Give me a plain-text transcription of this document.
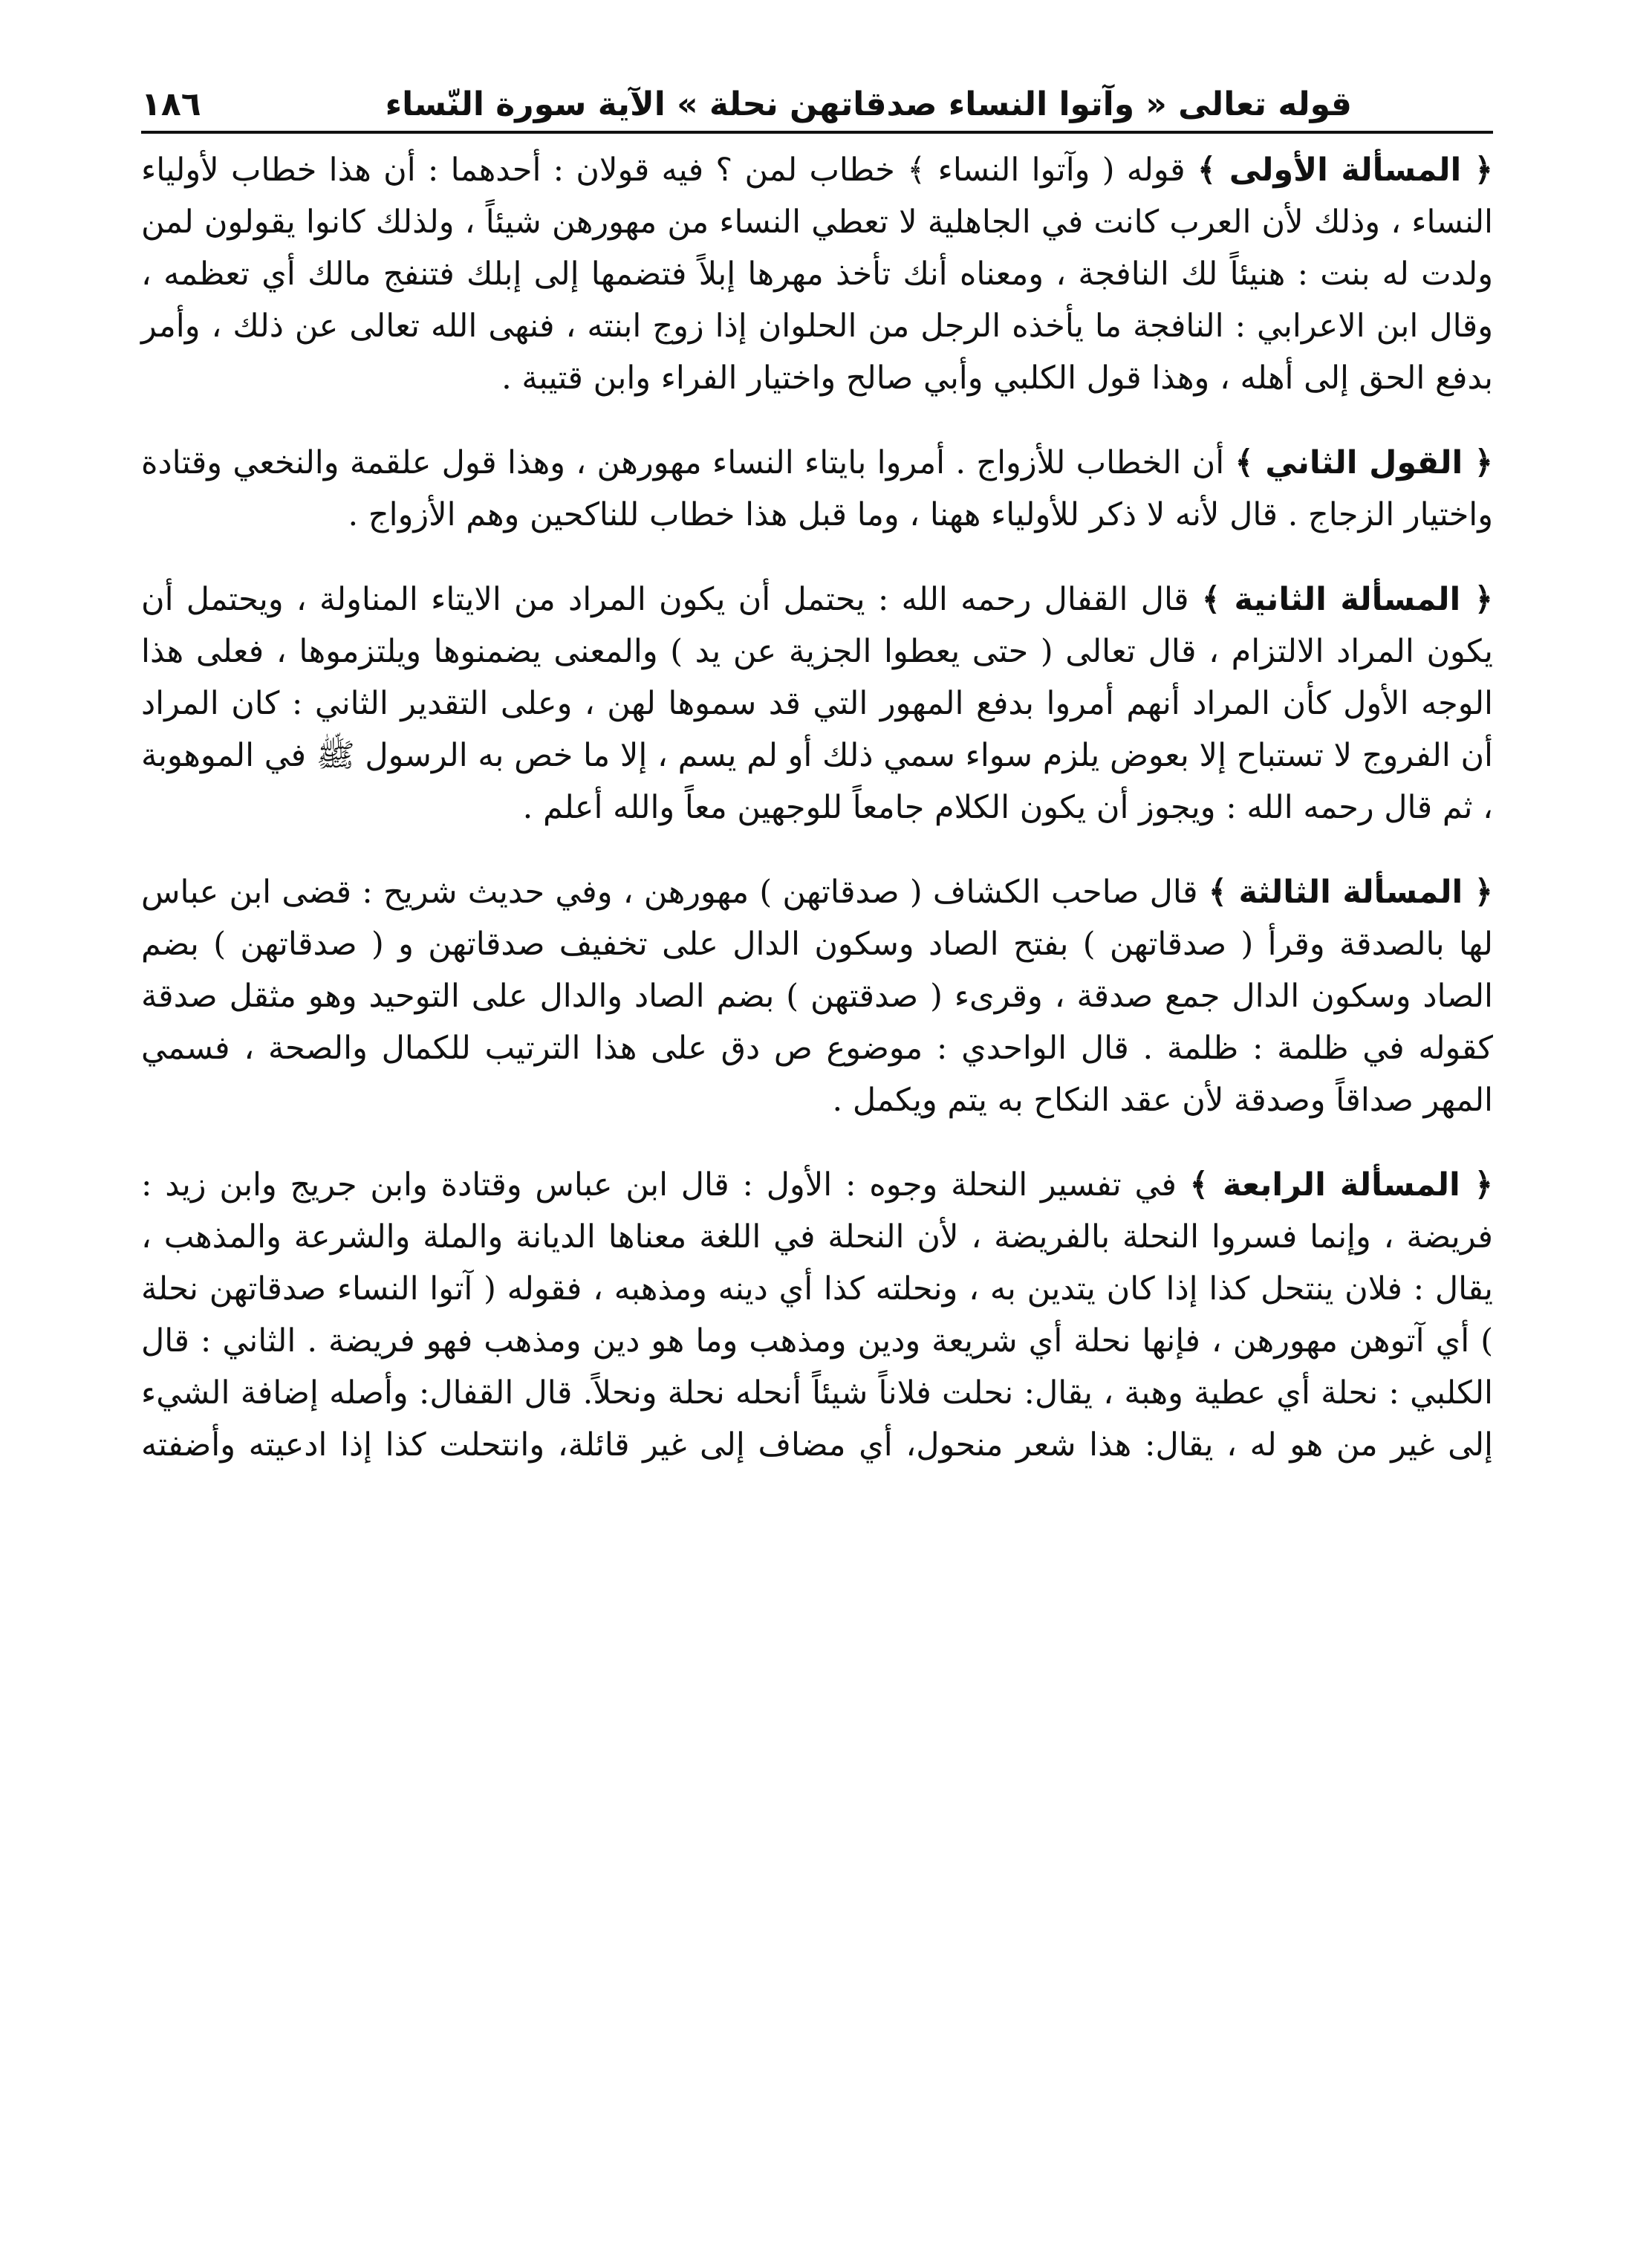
قوله تعالى « وآتوا النساء صدقاتهن نحلة » الآية سورة النّساء
١٨٦

﴿ المسألة الأولى ﴾ قوله ( وآتوا النساء ﴾ خطاب لمن ؟ فيه قولان : أحدهما : أن هذا خطاب لأولياء النساء ، وذلك لأن العرب كانت في الجاهلية لا تعطي النساء من مهورهن شيئاً ، ولذلك كانوا يقولون لمن ولدت له بنت : هنيئاً لك النافجة ، ومعناه أنك تأخذ مهرها إبلاً فتضمها إلى إبلك فتنفج مالك أي تعظمه ، وقال ابن الاعرابي : النافجة ما يأخذه الرجل من الحلوان إذا زوج ابنته ، فنهى الله تعالى عن ذلك ، وأمر بدفع الحق إلى أهله ، وهذا قول الكلبي وأبي صالح واختيار الفراء وابن قتيبة .

﴿ القول الثاني ﴾ أن الخطاب للأزواج . أمروا بايتاء النساء مهورهن ، وهذا قول علقمة والنخعي وقتادة واختيار الزجاج . قال لأنه لا ذكر للأولياء ههنا ، وما قبل هذا خطاب للناكحين وهم الأزواج .

﴿ المسألة الثانية ﴾ قال القفال رحمه الله : يحتمل أن يكون المراد من الايتاء المناولة ، ويحتمل أن يكون المراد الالتزام ، قال تعالى ( حتى يعطوا الجزية عن يد ) والمعنى يضمنوها ويلتزموها ، فعلى هذا الوجه الأول كأن المراد أنهم أمروا بدفع المهور التي قد سموها لهن ، وعلى التقدير الثاني : كان المراد أن الفروج لا تستباح إلا بعوض يلزم سواء سمي ذلك أو لم يسم ، إلا ما خص به الرسول ﷺ في الموهوبة ، ثم قال رحمه الله : ويجوز أن يكون الكلام جامعاً للوجهين معاً والله أعلم .

﴿ المسألة الثالثة ﴾ قال صاحب الكشاف ( صدقاتهن ) مهورهن ، وفي حديث شريح : قضى ابن عباس لها بالصدقة وقرأ ( صدقاتهن ) بفتح الصاد وسكون الدال على تخفيف صدقاتهن و ( صدقاتهن ) بضم الصاد وسكون الدال جمع صدقة ، وقرىء ( صدقتهن ) بضم الصاد والدال على التوحيد وهو مثقل صدقة كقوله في ظلمة : ظلمة . قال الواحدي : موضوع ص دق على هذا الترتيب للكمال والصحة ، فسمي المهر صداقاً وصدقة لأن عقد النكاح به يتم ويكمل .

﴿ المسألة الرابعة ﴾ في تفسير النحلة وجوه : الأول : قال ابن عباس وقتادة وابن جريج وابن زيد : فريضة ، وإنما فسروا النحلة بالفريضة ، لأن النحلة في اللغة معناها الديانة والملة والشرعة والمذهب ، يقال : فلان ينتحل كذا إذا كان يتدين به ، ونحلته كذا أي دينه ومذهبه ، فقوله ( آتوا النساء صدقاتهن نحلة ) أي آتوهن مهورهن ، فإنها نحلة أي شريعة ودين ومذهب وما هو دين ومذهب فهو فريضة . الثاني : قال الكلبي : نحلة أي عطية وهبة ، يقال: نحلت فلاناً شيئاً أنحله نحلة ونحلاً. قال القفال: وأصله إضافة الشيء إلى غير من هو له ، يقال: هذا شعر منحول، أي مضاف إلى غير قائلة، وانتحلت كذا إذا ادعيته وأضفته
